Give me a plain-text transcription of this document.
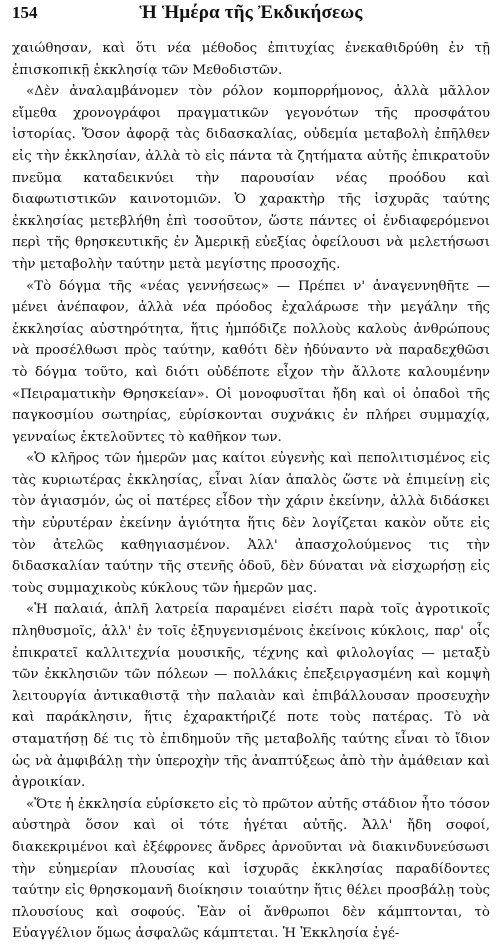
154	Ἡ Ἡμέρα τῆς Ἐκδικήσεως

χαιώθησαν, καὶ ὅτι νέα μέθοδος ἐπιτυχίας ἐνεκαθιδρύθη ἐν τῇ ἐπισκοπικῇ ἐκκλησίᾳ τῶν Μεθοδιστῶν.

«Δὲν ἀναλαμβάνομεν τὸν ρόλον κομπορρήμονος, ἀλλὰ μᾶλλον εἴμεθα χρονογράφοι πραγματικῶν γεγονότων τῆς προσφάτου ἱστορίας. Ὅσον ἀφορᾷ τὰς διδασκαλίας, οὐδεμία μεταβολὴ ἐπῆλθεν εἰς τὴν ἐκκλησίαν, ἀλλὰ τὸ εἰς πάντα τὰ ζητήματα αὐτῆς ἐπικρατοῦν πνεῦμα καταδεικνύει τὴν παρουσίαν νέας προόδου καὶ διαφωτιστικῶν καινοτομιῶν. Ὁ χαρακτὴρ τῆς ἰσχυρᾶς ταύτης ἐκκλησίας μετεβλήθη ἐπὶ τοσοῦτον, ὥστε πάντες οἱ ἐνδιαφερόμενοι περὶ τῆς θρησκευτικῆς ἐν Ἀμερικῇ εὐεξίας ὀφείλουσι νὰ μελετήσωσι τὴν μεταβολὴν ταύτην μετὰ μεγίστης προσοχῆς.

«Τὸ δόγμα τῆς «νέας γεννήσεως» — Πρέπει ν' ἀναγεννηθῆτε — μένει ἀνέπαφον, ἀλλὰ νέα πρόοδος ἐχαλάρωσε τὴν μεγάλην τῆς ἐκκλησίας αὐστηρότητα, ἥτις ἠμπόδιζε πολλοὺς καλοὺς ἀνθρώπους νὰ προσέλθωσι πρὸς ταύτην, καθότι δὲν ἠδύναντο νὰ παραδεχθῶσι τὸ δόγμα τοῦτο, καὶ διότι οὐδέποτε εἶχον τὴν ἄλλοτε καλουμένην «Πειραματικὴν Θρησκείαν». Οἱ μονοφυσῖται ἤδη καὶ οἱ ὀπαδοὶ τῆς παγκοσμίου σωτηρίας, εὑρίσκονται συχνάκις ἐν πλήρει συμμαχίᾳ, γενναίως ἐκτελοῦντες τὸ καθῆκον των.

«Ὁ κλῆρος τῶν ἡμερῶν μας καίτοι εὐγενὴς καὶ πεπολιτισμένος εἰς τὰς κυριωτέρας ἐκκλησίας, εἶναι λίαν ἁπαλὸς ὥστε νὰ ἐπιμείνῃ εἰς τὸν ἁγιασμόν, ὡς οἱ πατέρες εἶδον τὴν χάριν ἐκείνην, ἀλλὰ διδάσκει τὴν εὐρυτέραν ἐκείνην ἁγιότητα ἥτις δὲν λογίζεται κακὸν οὔτε εἰς τὸν ἀτελῶς καθηγιασμένον. Ἀλλ' ἀπασχολούμενος τις τὴν διδασκαλίαν ταύτην τῆς στενῆς ὁδοῦ, δὲν δύναται νὰ εἰσχωρήσῃ εἰς τοὺς συμμαχικοὺς κύκλους τῶν ἡμερῶν μας.

«Ἡ παλαιά, ἁπλῆ λατρεία παραμένει εἰσέτι παρὰ τοῖς ἀγροτικοῖς πληθυσμοῖς, ἀλλ' ἐν τοῖς ἐξηυγενισμένοις ἐκείνοις κύκλοις, παρ' οἷς ἐπικρατεῖ καλλιτεχνία μουσικῆς, τέχνης καὶ φιλολογίας — μεταξὺ τῶν ἐκκλησιῶν τῶν πόλεων — πολλάκις ἐπεξειργασμένη καὶ κομψὴ λειτουργία ἀντικαθιστᾷ τὴν παλαιὰν καὶ ἐπιβάλλουσαν προσευχὴν καὶ παράκλησιν, ἥτις ἐχαρακτήριζέ ποτε τοὺς πατέρας. Τὸ νὰ σταματήσῃ δέ τις τὸ ἐπιδημοῦν τῆς μεταβολῆς ταύτης εἶναι τὸ ἴδιον ὡς νὰ ἀμφιβάλῃ τὴν ὑπεροχὴν τῆς ἀναπτύξεως ἀπὸ τὴν ἀμάθειαν καὶ ἀγροικίαν.

«Ὅτε ἡ ἐκκλησία εὑρίσκετο εἰς τὸ πρῶτον αὐτῆς στάδιον ἦτο τόσον αὐστηρὰ ὅσον καὶ οἱ τότε ἡγέται αὐτῆς. Ἀλλ' ἤδη σοφοί, διακεκριμένοι καὶ ἐξέφρονες ἄνδρες ἀρνοῦνται νὰ διακινδυνεύσωσι τὴν εὐημερίαν πλουσίας καὶ ἰσχυρᾶς ἐκκλησίας παραδίδοντες ταύτην εἰς θρησκομανῆ διοίκησιν τοιαύτην ἥτις θέλει προσβάλῃ τοὺς πλουσίους καὶ σοφούς. Ἐὰν οἱ ἄνθρωποι δὲν κάμπτονται, τὸ Εὐαγγέλιον ὅμως ἀσφαλῶς κάμπτεται. Ἡ Ἐκκλησία ἐγέ-
